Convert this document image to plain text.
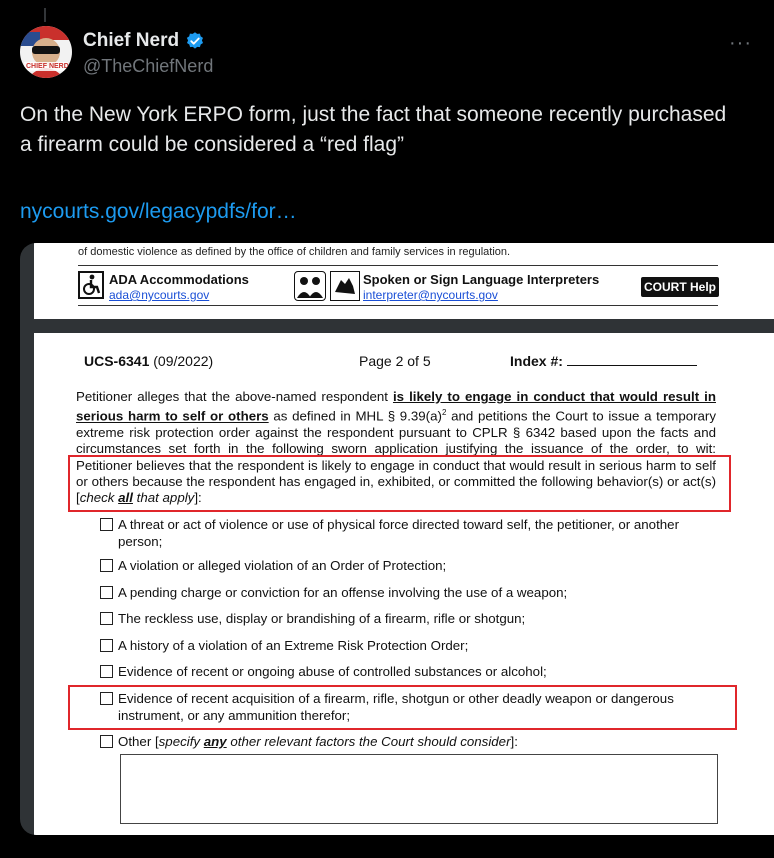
CHIEF NERD
Chief Nerd
@TheChiefNerd
···
On the New York ERPO form, just the fact that someone recently purchased a firearm could be considered a “red flag”
nycourts.gov/legacypdfs/for…
of domestic violence as defined by the office of children and family services in regulation.
ADA Accommodations
ada@nycourts.gov
Spoken or Sign Language Interpreters
interpreter@nycourts.gov
COURT Help
UCS-6341 (09/2022)	Page 2 of 5	Index #:
Petitioner alleges that the above-named respondent is likely to engage in conduct that would result in serious harm to self or others as defined in MHL § $9.39(a)^2$ and petitions the Court to issue a temporary extreme risk protection order against the respondent pursuant to CPLR § 6342 based upon the facts and circumstances set forth in the following sworn application justifying the issuance of the order, to wit: Petitioner believes that the respondent is likely to engage in conduct that would result in serious harm to self or others because the respondent has engaged in, exhibited, or committed the following behavior(s) or act(s) [check all that apply]:
A threat or act of violence or use of physical force directed toward self, the petitioner, or another person;
A violation or alleged violation of an Order of Protection;
A pending charge or conviction for an offense involving the use of a weapon;
The reckless use, display or brandishing of a firearm, rifle or shotgun;
A history of a violation of an Extreme Risk Protection Order;
Evidence of recent or ongoing abuse of controlled substances or alcohol;
Evidence of recent acquisition of a firearm, rifle, shotgun or other deadly weapon or dangerous instrument, or any ammunition therefor;
Other [specify any other relevant factors the Court should consider]:
